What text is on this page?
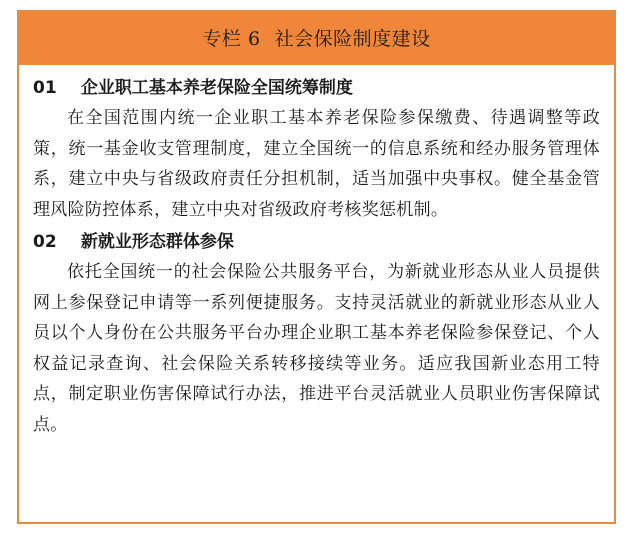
专栏 6 社会保险制度建设
01 企业职工基本养老保险全国统筹制度

在全国范围内统一企业职工基本养老保险参保缴费、待遇调整等政策，统一基金收支管理制度，建立全国统一的信息系统和经办服务管理体系，建立中央与省级政府责任分担机制，适当加强中央事权。健全基金管理风险防控体系，建立中央对省级政府考核奖惩机制。

02 新就业形态群体参保

依托全国统一的社会保险公共服务平台，为新就业形态从业人员提供网上参保登记申请等一系列便捷服务。支持灵活就业的新就业形态从业人员以个人身份在公共服务平台办理企业职工基本养老保险参保登记、个人权益记录查询、社会保险关系转移接续等业务。适应我国新业态用工特点，制定职业伤害保障试行办法，推进平台灵活就业人员职业伤害保障试点。
